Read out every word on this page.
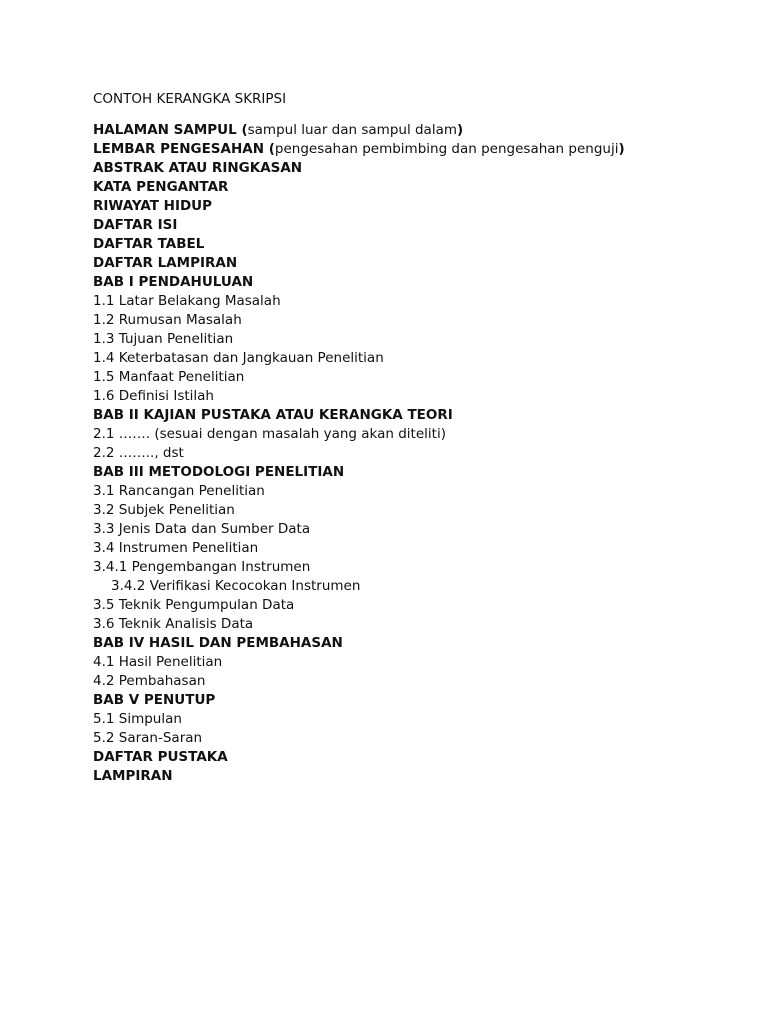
CONTOH KERANGKA SKRIPSI
HALAMAN SAMPUL (sampul luar dan sampul dalam)
LEMBAR PENGESAHAN (pengesahan pembimbing dan pengesahan penguji)
ABSTRAK ATAU RINGKASAN
KATA PENGANTAR
RIWAYAT HIDUP
DAFTAR ISI
DAFTAR TABEL
DAFTAR LAMPIRAN
BAB I PENDAHULUAN
1.1 Latar Belakang Masalah
1.2 Rumusan Masalah
1.3 Tujuan Penelitian
1.4 Keterbatasan dan Jangkauan Penelitian
1.5 Manfaat Penelitian
1.6 Definisi Istilah
BAB II KAJIAN PUSTAKA ATAU KERANGKA TEORI
2.1 ……. (sesuai dengan masalah yang akan diteliti)
2.2 …….., dst
BAB III METODOLOGI PENELITIAN
3.1 Rancangan Penelitian
3.2 Subjek Penelitian
3.3 Jenis Data dan Sumber Data
3.4 Instrumen Penelitian
3.4.1 Pengembangan Instrumen
3.4.2 Verifikasi Kecocokan Instrumen
3.5 Teknik Pengumpulan Data
3.6 Teknik Analisis Data
BAB IV HASIL DAN PEMBAHASAN
4.1 Hasil Penelitian
4.2 Pembahasan
BAB V PENUTUP
5.1 Simpulan
5.2 Saran-Saran
DAFTAR PUSTAKA
LAMPIRAN
